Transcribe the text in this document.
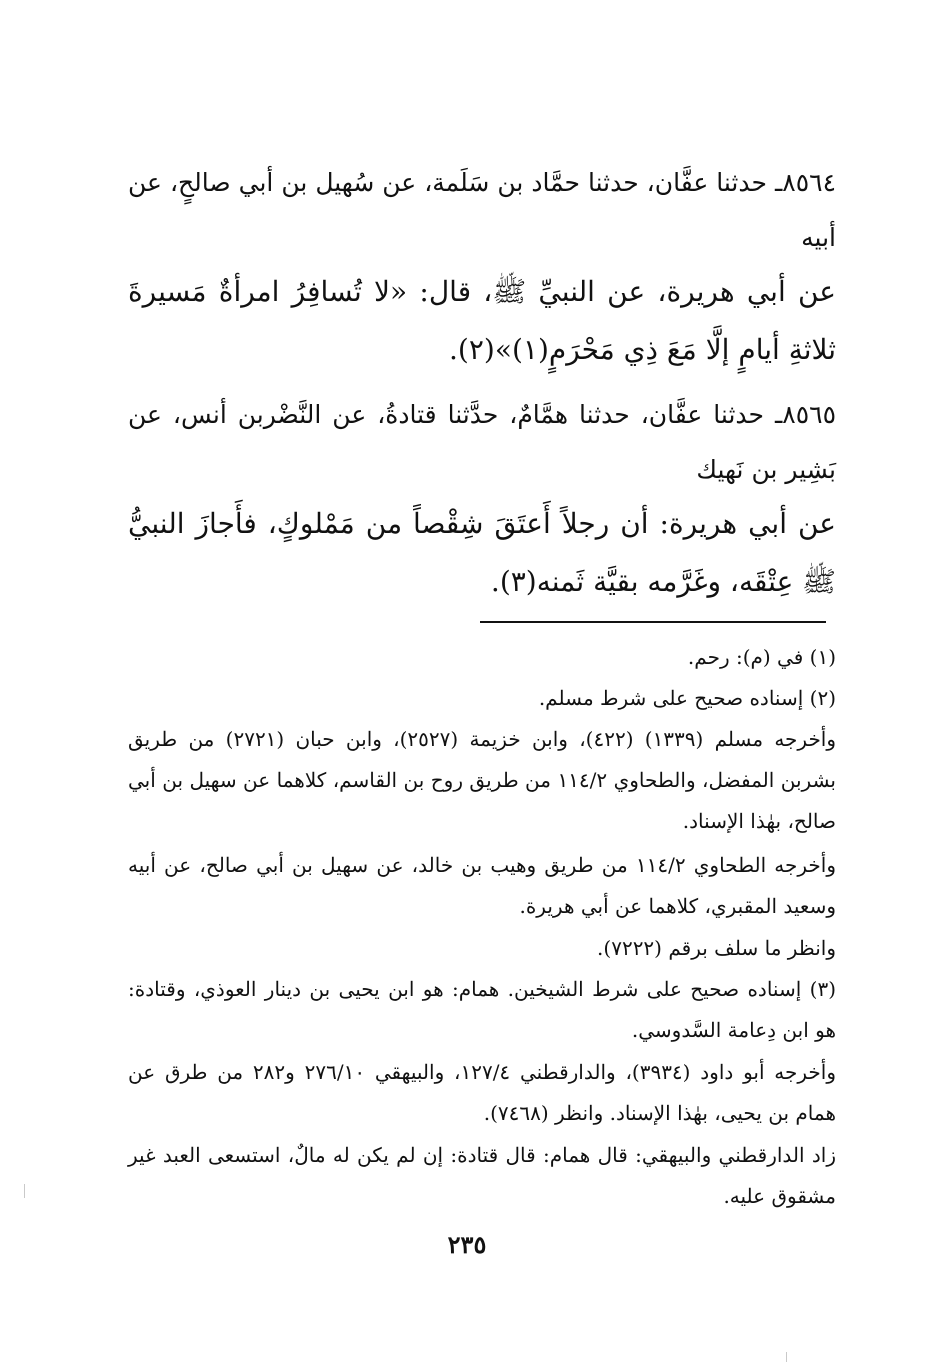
٨٥٦٤ـ حدثنا عفَّان، حدثنا حمَّاد بن سَلَمة، عن سُهيل بن أبي صالحٍ، عن أبيه
عن أبي هريرة، عن النبيِّ ﷺ، قال: «لا تُسافِرُ امرأةٌ مَسيرةَ ثلاثةِ أيامٍ إلَّا مَعَ ذِي مَحْرَمٍ(١)»(٢).
٨٥٦٥ـ حدثنا عفَّان، حدثنا همَّامٌ، حدَّثنا قتادةُ، عن النَّضْربن أنس، عن بَشِير بن نَهيك
عن أبي هريرة: أن رجلاً أَعتَقَ شِقْصاً من مَمْلوكٍ، فأَجازَ النبيُّ ﷺ عِتْقَه، وغَرَّمه بقيَّة ثَمنه(٣).
(١) في (م): رحم.
(٢) إسناده صحيح على شرط مسلم.
وأخرجه مسلم (١٣٣٩) (٤٢٢)، وابن خزيمة (٢٥٢٧)، وابن حبان (٢٧٢١) من طريق بشربن المفضل، والطحاوي ١١٤/٢ من طريق روح بن القاسم، كلاهما عن سهيل بن أبي صالح، بهٰذا الإسناد.
وأخرجه الطحاوي ١١٤/٢ من طريق وهيب بن خالد، عن سهيل بن أبي صالح، عن أبيه وسعيد المقبري، كلاهما عن أبي هريرة.
وانظر ما سلف برقم (٧٢٢٢).
(٣) إسناده صحيح على شرط الشيخين. همام: هو ابن يحيى بن دينار العوذي، وقتادة: هو ابن دِعامة السَّدوسي.
وأخرجه أبو داود (٣٩٣٤)، والدارقطني ١٢٧/٤، والبيهقي ٢٧٦/١٠ و٢٨٢ من طرق عن همام بن يحيى، بهٰذا الإسناد. وانظر (٧٤٦٨).
زاد الدارقطني والبيهقي: قال همام: قال قتادة: إن لم يكن له مالٌ، استسعى العبد غير مشقوق عليه.
٢٣٥
